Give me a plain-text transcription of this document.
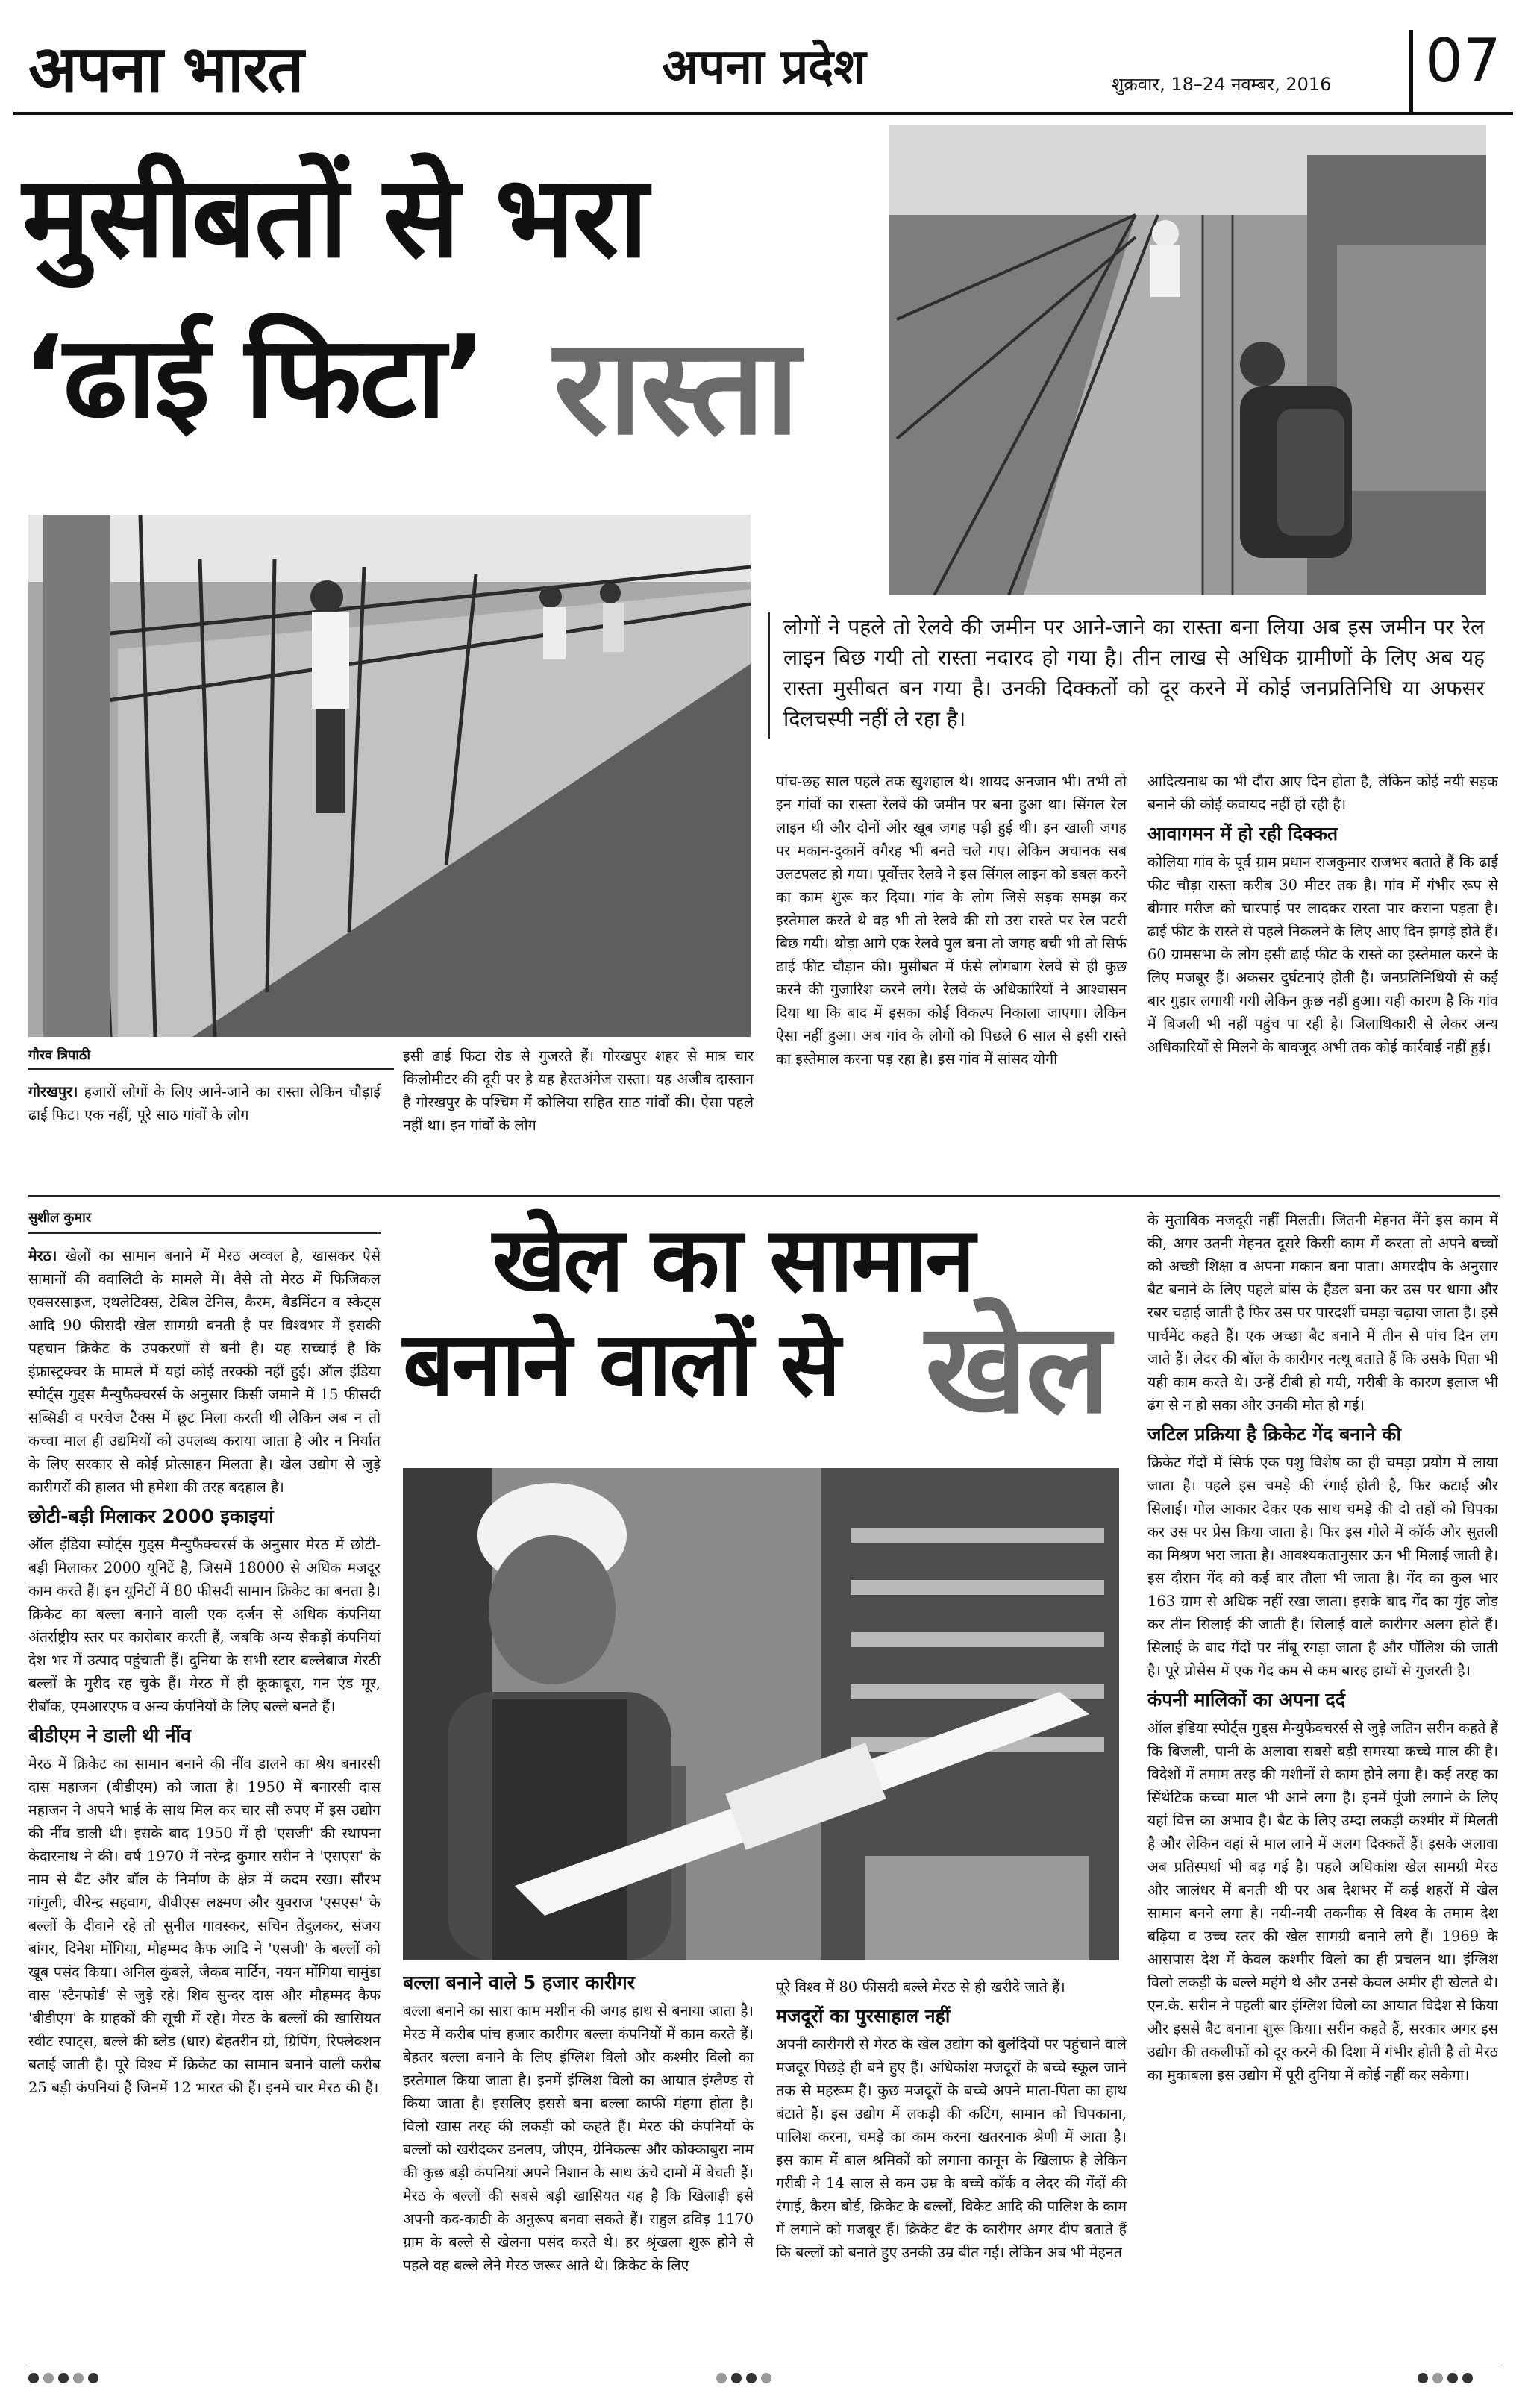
अपना भारत	अपना प्रदेश	शुक्रवार, 18–24 नवम्बर, 2016 07
मुसीबतों से भरा
‘ढाई फिटा’ रास्ता
गौरव त्रिपाठी
लोगों ने पहले तो रेलवे की जमीन पर आने-जाने का रास्ता बना लिया अब इस जमीन पर रेल लाइन बिछ गयी तो रास्ता नदारद हो गया है। तीन लाख से अधिक ग्रामीणों के लिए अब यह रास्ता मुसीबत बन गया है। उनकी दिक्कतों को दूर करने में कोई जनप्रतिनिधि या अफसर दिलचस्पी नहीं ले रहा है।
गोरखपुर। हजारों लोगों के लिए आने-जाने का रास्ता लेकिन चौड़ाई ढाई फिट। एक नहीं, पूरे साठ गांवों के लोग
इसी ढाई फिटा रोड से गुजरते हैं। गोरखपुर शहर से मात्र चार किलोमीटर की दूरी पर है यह हैरतअंगेज रास्ता। यह अजीब दास्तान है गोरखपुर के पश्चिम में कोलिया सहित साठ गांवों की। ऐसा पहले नहीं था। इन गांवों के लोग
पांच-छह साल पहले तक खुशहाल थे। शायद अनजान भी। तभी तो इन गांवों का रास्ता रेलवे की जमीन पर बना हुआ था। सिंगल रेल लाइन थी और दोनों ओर खूब जगह पड़ी हुई थी। इन खाली जगह पर मकान-दुकानें वगैरह भी बनते चले गए। लेकिन अचानक सब उलटपलट हो गया। पूर्वोत्तर रेलवे ने इस सिंगल लाइन को डबल करने का काम शुरू कर दिया। गांव के लोग जिसे सड़क समझ कर इस्तेमाल करते थे वह भी तो रेलवे की सो उस रास्ते पर रेल पटरी बिछ गयी। थोड़ा आगे एक रेलवे पुल बना तो जगह बची भी तो सिर्फ ढाई फीट चौड़ान की। मुसीबत में फंसे लोगबाग रेलवे से ही कुछ करने की गुजारिश करने लगे। रेलवे के अधिकारियों ने आश्वासन दिया था कि बाद में इसका कोई विकल्प निकाला जाएगा। लेकिन ऐसा नहीं हुआ। अब गांव के लोगों को पिछले 6 साल से इसी रास्ते का इस्तेमाल करना पड़ रहा है। इस गांव में सांसद योगी
आदित्यनाथ का भी दौरा आए दिन होता है, लेकिन कोई नयी सड़क बनाने की कोई कवायद नहीं हो रही है।
आवागमन में हो रही दिक्कत
कोलिया गांव के पूर्व ग्राम प्रधान राजकुमार राजभर बताते हैं कि ढाई फीट चौड़ा रास्ता करीब 30 मीटर तक है। गांव में गंभीर रूप से बीमार मरीज को चारपाई पर लादकर रास्ता पार कराना पड़ता है। ढाई फीट के रास्ते से पहले निकलने के लिए आए दिन झगड़े होते हैं। 60 ग्रामसभा के लोग इसी ढाई फीट के रास्ते का इस्तेमाल करने के लिए मजबूर हैं। अकसर दुर्घटनाएं होती हैं। जनप्रतिनिधियों से कई बार गुहार लगायी गयी लेकिन कुछ नहीं हुआ। यही कारण है कि गांव में बिजली भी नहीं पहुंच पा रही है। जिलाधिकारी से लेकर अन्य अधिकारियों से मिलने के बावजूद अभी तक कोई कार्रवाई नहीं हुई।
खेल का सामान
बनाने वालों से खेल
सुशील कुमार
मेरठ। खेलों का सामान बनाने में मेरठ अव्वल है, खासकर ऐसे सामानों की क्वालिटी के मामले में। वैसे तो मेरठ में फिजिकल एक्सरसाइज, एथलेटिक्स, टेबिल टेनिस, कैरम, बैडमिंटन व स्केट्स आदि 90 फीसदी खेल सामग्री बनती है पर विश्वभर में इसकी पहचान क्रिकेट के उपकरणों से बनी है। यह सच्चाई है कि इंफ्रास्ट्रक्चर के मामले में यहां कोई तरक्की नहीं हुई। ऑल इंडिया स्पोर्ट्स गुड्स मैन्युफैक्चरर्स के अनुसार किसी जमाने में 15 फीसदी सब्सिडी व परचेज टैक्स में छूट मिला करती थी लेकिन अब न तो कच्चा माल ही उद्यमियों को उपलब्ध कराया जाता है और न निर्यात के लिए सरकार से कोई प्रोत्साहन मिलता है। खेल उद्योग से जुड़े कारीगरों की हालत भी हमेशा की तरह बदहाल है।
छोटी-बड़ी मिलाकर 2000 इकाइयां
ऑल इंडिया स्पोर्ट्स गुड्स मैन्युफैक्चरर्स के अनुसार मेरठ में छोटी-बड़ी मिलाकर 2000 यूनिटें है, जिसमें 18000 से अधिक मजदूर काम करते हैं। इन यूनिटों में 80 फीसदी सामान क्रिकेट का बनता है। क्रिकेट का बल्ला बनाने वाली एक दर्जन से अधिक कंपनिया अंतर्राष्ट्रीय स्तर पर कारोबार करती हैं, जबकि अन्य सैकड़ों कंपनियां देश भर में उत्पाद पहुंचाती हैं। दुनिया के सभी स्टार बल्लेबाज मेरठी बल्लों के मुरीद रह चुके हैं। मेरठ में ही कूकाबूरा, गन एंड मूर, रीबॉक, एमआरएफ व अन्य कंपनियों के लिए बल्ले बनते हैं।
बीडीएम ने डाली थी नींव
मेरठ में क्रिकेट का सामान बनाने की नींव डालने का श्रेय बनारसी दास महाजन (बीडीएम) को जाता है। 1950 में बनारसी दास महाजन ने अपने भाई के साथ मिल कर चार सौ रुपए में इस उद्योग की नींव डाली थी। इसके बाद 1950 में ही 'एसजी' की स्थापना केदारनाथ ने की। वर्ष 1970 में नरेन्द्र कुमार सरीन ने 'एसएस' के नाम से बैट और बॉल के निर्माण के क्षेत्र में कदम रखा। सौरभ गांगुली, वीरेन्द्र सहवाग, वीवीएस लक्ष्मण और युवराज 'एसएस' के बल्लों के दीवाने रहे तो सुनील गावस्कर, सचिन तेंदुलकर, संजय बांगर, दिनेश मोंगिया, मौहम्मद कैफ आदि ने 'एसजी' के बल्लों को खूब पसंद किया। अनिल कुंबले, जैकब मार्टिन, नयन मोंगिया चामुंडा वास 'स्टैनफोर्ड' से जुड़े रहे। शिव सुन्दर दास और मौहम्मद कैफ 'बीडीएम' के ग्राहकों की सूची में रहे। मेरठ के बल्लों की खासियत स्वीट स्पाट्स, बल्ले की ब्लेड (धार) बेहतरीन ग्रो, ग्रिपिंग, रिफ्लेक्शन बताई जाती है। पूरे विश्व में क्रिकेट का सामान बनाने वाली करीब 25 बड़ी कंपनियां हैं जिनमें 12 भारत की हैं। इनमें चार मेरठ की हैं।
बल्ला बनाने वाले 5 हजार कारीगर
बल्ला बनाने का सारा काम मशीन की जगह हाथ से बनाया जाता है। मेरठ में करीब पांच हजार कारीगर बल्ला कंपनियों में काम करते हैं। बेहतर बल्ला बनाने के लिए इंग्लिश विलो और कश्मीर विलो का इस्तेमाल किया जाता है। इनमें इंग्लिश विलो का आयात इंग्लैण्ड से किया जाता है। इसलिए इससे बना बल्ला काफी मंहगा होता है। विलो खास तरह की लकड़ी को कहते हैं। मेरठ की कंपनियों के बल्लों को खरीदकर डनलप, जीएम, ग्रेनिकल्स और कोक्काबुरा नाम की कुछ बड़ी कंपनियां अपने निशान के साथ ऊंचे दामों में बेचती हैं। मेरठ के बल्लों की सबसे बड़ी खासियत यह है कि खिलाड़ी इसे अपनी कद-काठी के अनुरूप बनवा सकते हैं। राहुल द्रविड़ 1170 ग्राम के बल्ले से खेलना पसंद करते थे। हर श्रृंखला शुरू होने से पहले वह बल्ले लेने मेरठ जरूर आते थे। क्रिकेट के लिए
पूरे विश्व में 80 फीसदी बल्ले मेरठ से ही खरीदे जाते हैं।
मजदूरों का पुरसाहाल नहीं
अपनी कारीगरी से मेरठ के खेल उद्योग को बुलंदियों पर पहुंचाने वाले मजदूर पिछड़े ही बने हुए हैं। अधिकांश मजदूरों के बच्चे स्कूल जाने तक से महरूम हैं। कुछ मजदूरों के बच्चे अपने माता-पिता का हाथ बंटाते हैं। इस उद्योग में लकड़ी की कटिंग, सामान को चिपकाना, पालिश करना, चमड़े का काम करना खतरनाक श्रेणी में आता है। इस काम में बाल श्रमिकों को लगाना कानून के खिलाफ है लेकिन गरीबी ने 14 साल से कम उम्र के बच्चे कॉर्क व लेदर की गेंदों की रंगाई, कैरम बोर्ड, क्रिकेट के बल्लों, विकेट आदि की पालिश के काम में लगाने को मजबूर हैं। क्रिकेट बैट के कारीगर अमर दीप बताते हैं कि बल्लों को बनाते हुए उनकी उम्र बीत गई। लेकिन अब भी मेहनत
के मुताबिक मजदूरी नहीं मिलती। जितनी मेहनत मैंने इस काम में की, अगर उतनी मेहनत दूसरे किसी काम में करता तो अपने बच्चों को अच्छी शिक्षा व अपना मकान बना पाता। अमरदीप के अनुसार बैट बनाने के लिए पहले बांस के हैंडल बना कर उस पर धागा और रबर चढ़ाई जाती है फिर उस पर पारदर्शी चमड़ा चढ़ाया जाता है। इसे पार्चमेंट कहते हैं। एक अच्छा बैट बनाने में तीन से पांच दिन लग जाते हैं। लेदर की बॉल के कारीगर नत्थू बताते हैं कि उसके पिता भी यही काम करते थे। उन्हें टीबी हो गयी, गरीबी के कारण इलाज भी ढंग से न हो सका और उनकी मौत हो गई।
जटिल प्रक्रिया है क्रिकेट गेंद बनाने की
क्रिकेट गेंदों में सिर्फ एक पशु विशेष का ही चमड़ा प्रयोग में लाया जाता है। पहले इस चमड़े की रंगाई होती है, फिर कटाई और सिलाई। गोल आकार देकर एक साथ चमड़े की दो तहों को चिपका कर उस पर प्रेस किया जाता है। फिर इस गोले में कॉर्क और सुतली का मिश्रण भरा जाता है। आवश्यकतानुसार ऊन भी मिलाई जाती है। इस दौरान गेंद को कई बार तौला भी जाता है। गेंद का कुल भार 163 ग्राम से अधिक नहीं रखा जाता। इसके बाद गेंद का मुंह जोड़ कर तीन सिलाई की जाती है। सिलाई वाले कारीगर अलग होते हैं। सिलाई के बाद गेंदों पर नींबू रगड़ा जाता है और पॉलिश की जाती है। पूरे प्रोसेस में एक गेंद कम से कम बारह हाथों से गुजरती है।
कंपनी मालिकों का अपना दर्द
ऑल इंडिया स्पोर्ट्स गुड्स मैन्युफैक्चरर्स से जुड़े जतिन सरीन कहते हैं कि बिजली, पानी के अलावा सबसे बड़ी समस्या कच्चे माल की है। विदेशों में तमाम तरह की मशीनों से काम होने लगा है। कई तरह का सिंथेटिक कच्चा माल भी आने लगा है। इनमें पूंजी लगाने के लिए यहां वित्त का अभाव है। बैट के लिए उम्दा लकड़ी कश्मीर में मिलती है और लेकिन वहां से माल लाने में अलग दिक्कतें हैं। इसके अलावा अब प्रतिस्पर्धा भी बढ़ गई है। पहले अधिकांश खेल सामग्री मेरठ और जालंधर में बनती थी पर अब देशभर में कई शहरों में खेल सामान बनने लगा है। नयी-नयी तकनीक से विश्व के तमाम देश बढ़िया व उच्च स्तर की खेल सामग्री बनाने लगे हैं। 1969 के आसपास देश में केवल कश्मीर विलो का ही प्रचलन था। इंग्लिश विलो लकड़ी के बल्ले महंगे थे और उनसे केवल अमीर ही खेलते थे। एन.के. सरीन ने पहली बार इंग्लिश विलो का आयात विदेश से किया और इससे बैट बनाना शुरू किया। सरीन कहते हैं, सरकार अगर इस उद्योग की तकलीफों को दूर करने की दिशा में गंभीर होती है तो मेरठ का मुकाबला इस उद्योग में पूरी दुनिया में कोई नहीं कर सकेगा।
